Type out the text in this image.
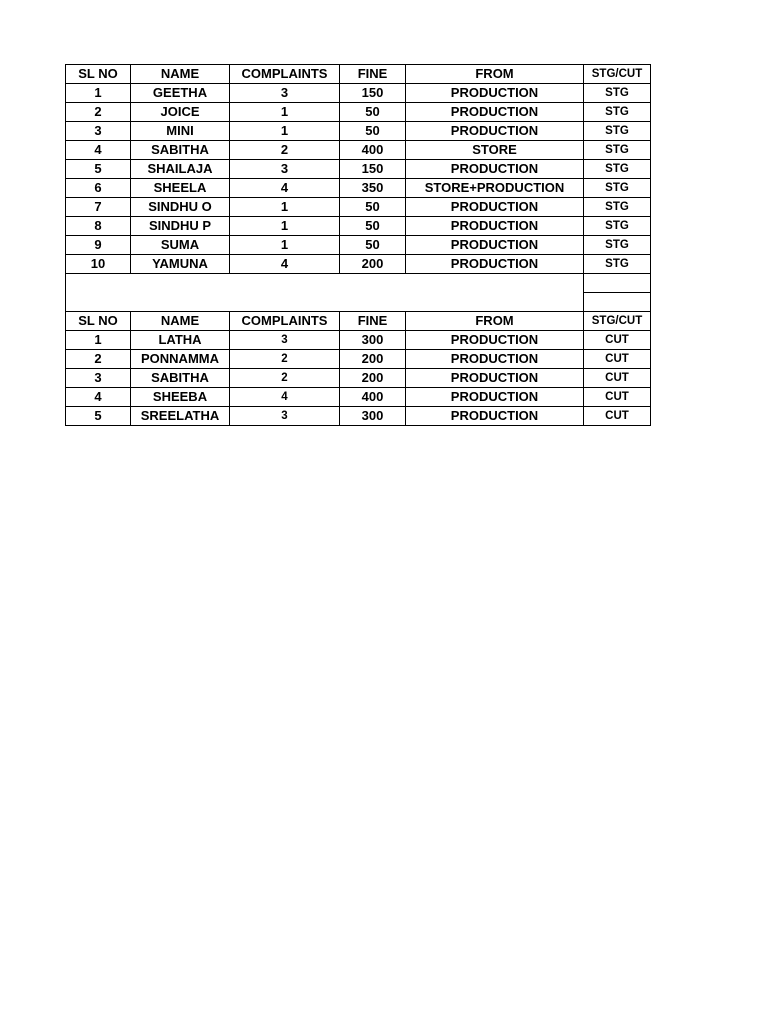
SL NO	NAME	COMPLAINTS	FINE	FROM	STG/CUT
1	GEETHA	3	150	PRODUCTION	STG
2	JOICE	1	50	PRODUCTION	STG
3	MINI	1	50	PRODUCTION	STG
4	SABITHA	2	400	STORE	STG
5	SHAILAJA	3	150	PRODUCTION	STG
6	SHEELA	4	350	STORE+PRODUCTION	STG
7	SINDHU O	1	50	PRODUCTION	STG
8	SINDHU P	1	50	PRODUCTION	STG
9	SUMA	1	50	PRODUCTION	STG
10	YAMUNA	4	200	PRODUCTION	STG

SL NO	NAME	COMPLAINTS	FINE	FROM	STG/CUT
1	LATHA	3	300	PRODUCTION	CUT
2	PONNAMMA	2	200	PRODUCTION	CUT
3	SABITHA	2	200	PRODUCTION	CUT
4	SHEEBA	4	400	PRODUCTION	CUT
5	SREELATHA	3	300	PRODUCTION	CUT
